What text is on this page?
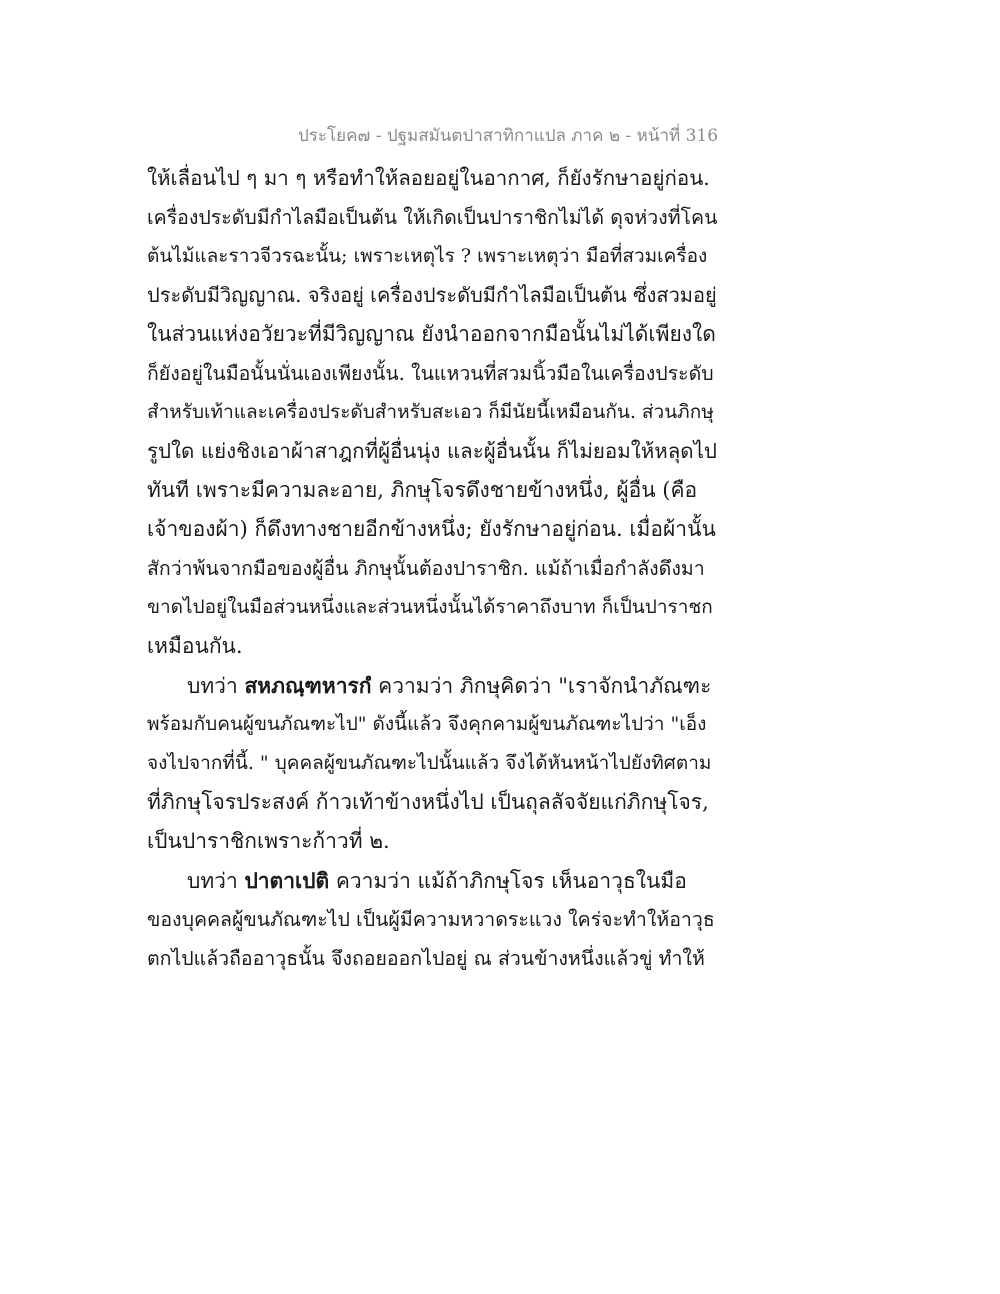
ประโยค๗ - ปฐมสมันตปาสาทิกาแปล ภาค ๒ - หน้าที่ 316
ให้เลื่อนไป ๆ มา ๆ หรือทำให้ลอยอยู่ในอากาศ, ก็ยังรักษาอยู่ก่อน.
เครื่องประดับมีกำไลมือเป็นต้น ให้เกิดเป็นปาราชิกไม่ได้ ดุจห่วงที่โคน
ต้นไม้และราวจีวรฉะนั้น; เพราะเหตุไร ? เพราะเหตุว่า มือที่สวมเครื่อง
ประดับมีวิญญาณ. จริงอยู่ เครื่องประดับมีกำไลมือเป็นต้น ซึ่งสวมอยู่
ในส่วนแห่งอวัยวะที่มีวิญญาณ ยังนำออกจากมือนั้นไม่ได้เพียงใด
ก็ยังอยู่ในมือนั้นนั่นเองเพียงนั้น. ในแหวนที่สวมนิ้วมือในเครื่องประดับ
สำหรับเท้าและเครื่องประดับสำหรับสะเอว ก็มีนัยนี้เหมือนกัน. ส่วนภิกษุ
รูปใด แย่งชิงเอาผ้าสาฎกที่ผู้อื่นนุ่ง และผู้อื่นนั้น ก็ไม่ยอมให้หลุดไป
ทันที เพราะมีความละอาย, ภิกษุโจรดึงชายข้างหนึ่ง, ผู้อื่น (คือ
เจ้าของผ้า) ก็ดึงทางชายอีกข้างหนึ่ง; ยังรักษาอยู่ก่อน. เมื่อผ้านั้น
สักว่าพ้นจากมือของผู้อื่น ภิกษุนั้นต้องปาราชิก. แม้ถ้าเมื่อกำลังดึงมา
ขาดไปอยู่ในมือส่วนหนึ่งและส่วนหนึ่งนั้นได้ราคาถึงบาท ก็เป็นปาราชก
เหมือนกัน.
บทว่า สหภณฺฑหารกํ ความว่า ภิกษุคิดว่า "เราจักนำภัณฑะ
พร้อมกับคนผู้ขนภัณฑะไป" ดังนี้แล้ว จึงคุกคามผู้ขนภัณฑะไปว่า "เอ็ง
จงไปจากที่นี้. " บุคคลผู้ขนภัณฑะไปนั้นแล้ว จึงได้หันหน้าไปยังทิศตาม
ที่ภิกษุโจรประสงค์ ก้าวเท้าข้างหนึ่งไป เป็นถุลลัจจัยแก่ภิกษุโจร,
เป็นปาราชิกเพราะก้าวที่ ๒.
บทว่า ปาตาเปติ ความว่า แม้ถ้าภิกษุโจร เห็นอาวุธในมือ
ของบุคคลผู้ขนภัณฑะไป เป็นผู้มีความหวาดระแวง ใคร่จะทำให้อาวุธ
ตกไปแล้วถืออาวุธนั้น จึงถอยออกไปอยู่ ณ ส่วนข้างหนึ่งแล้วขู่ ทำให้
